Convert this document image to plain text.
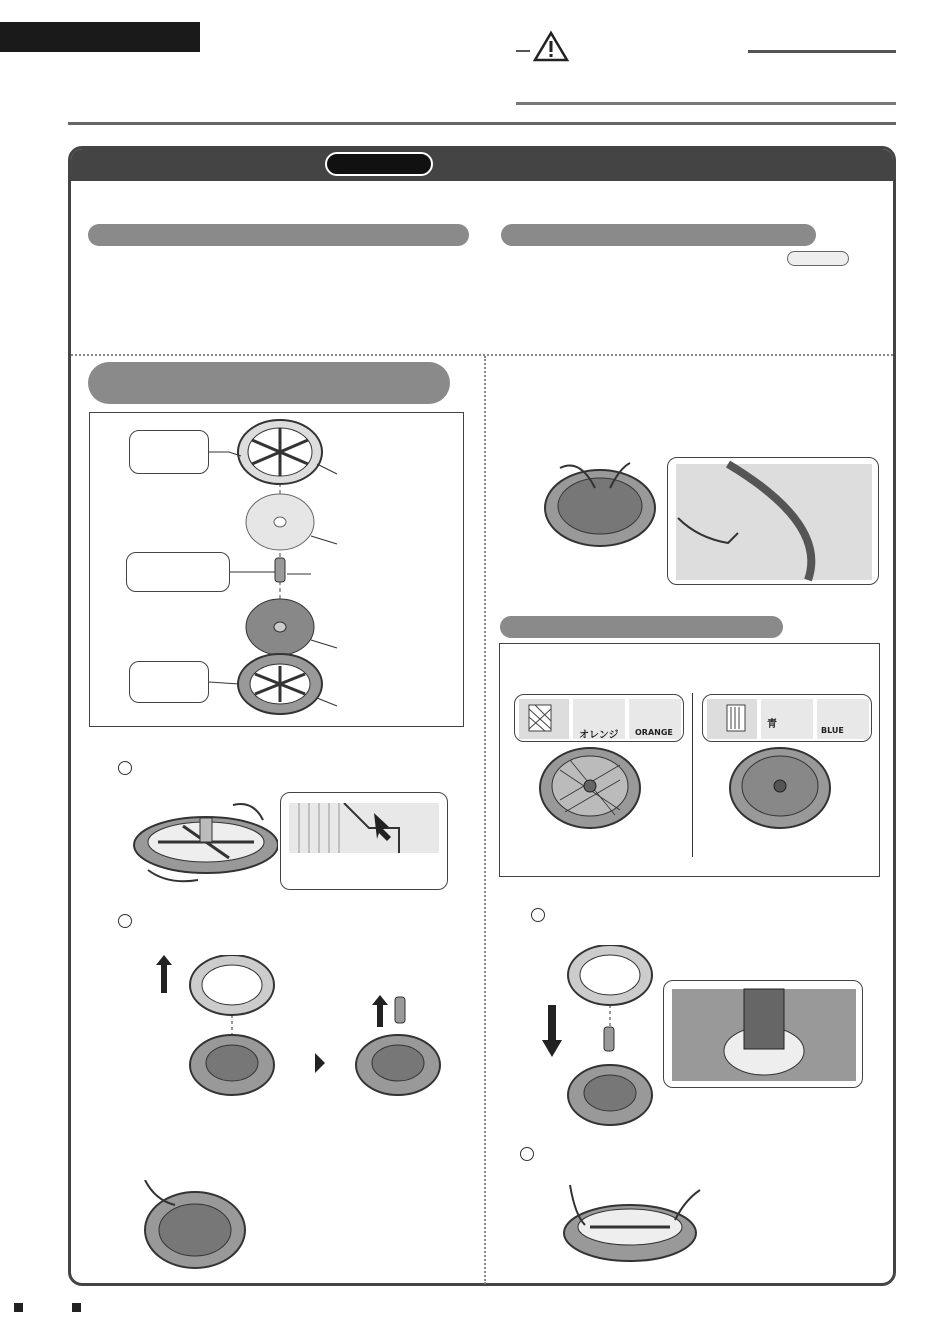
オレンジ ORANGE
青
BLUE
